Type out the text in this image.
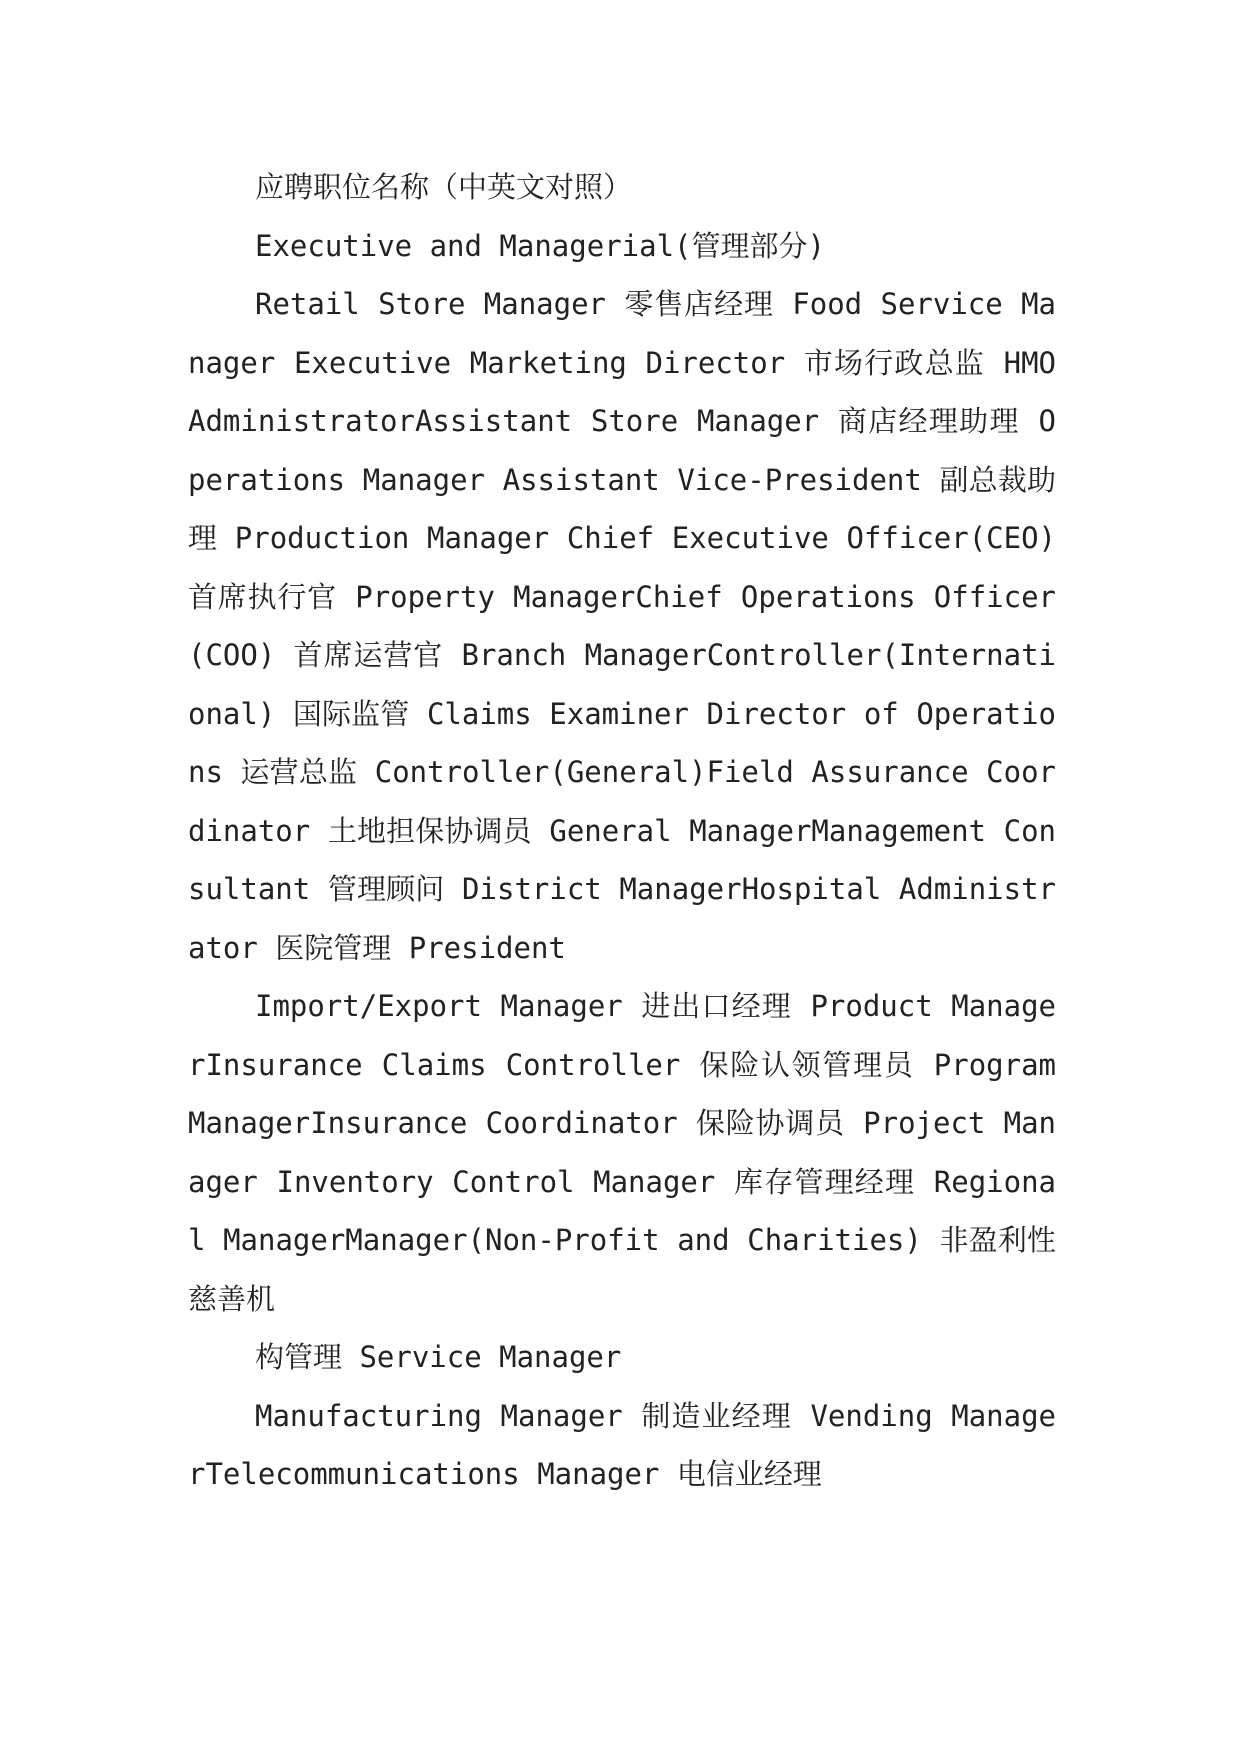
应聘职位名称（中英文对照）

Executive and Managerial(管理部分)

Retail Store Manager 零售店经理 Food Service Manager Executive Marketing Director 市场行政总监 HMO AdministratorAssistant Store Manager 商店经理助理 Operations Manager Assistant Vice-President 副总裁助理 Production Manager Chief Executive Officer(CEO) 首席执行官 Property ManagerChief Operations Officer(COO) 首席运营官 Branch ManagerController(International) 国际监管 Claims Examiner Director of Operations 运营总监 Controller(General)Field Assurance Coordinator 土地担保协调员 General ManagerManagement Consultant 管理顾问 District ManagerHospital Administrator 医院管理 President

Import/Export Manager 进出口经理 Product ManagerInsurance Claims Controller 保险认领管理员 Program ManagerInsurance Coordinator 保险协调员 Project Manager Inventory Control Manager 库存管理经理 Regional ManagerManager(Non-Profit and Charities) 非盈利性慈善机

构管理 Service Manager

Manufacturing Manager 制造业经理 Vending ManagerTelecommunications Manager 电信业经理
